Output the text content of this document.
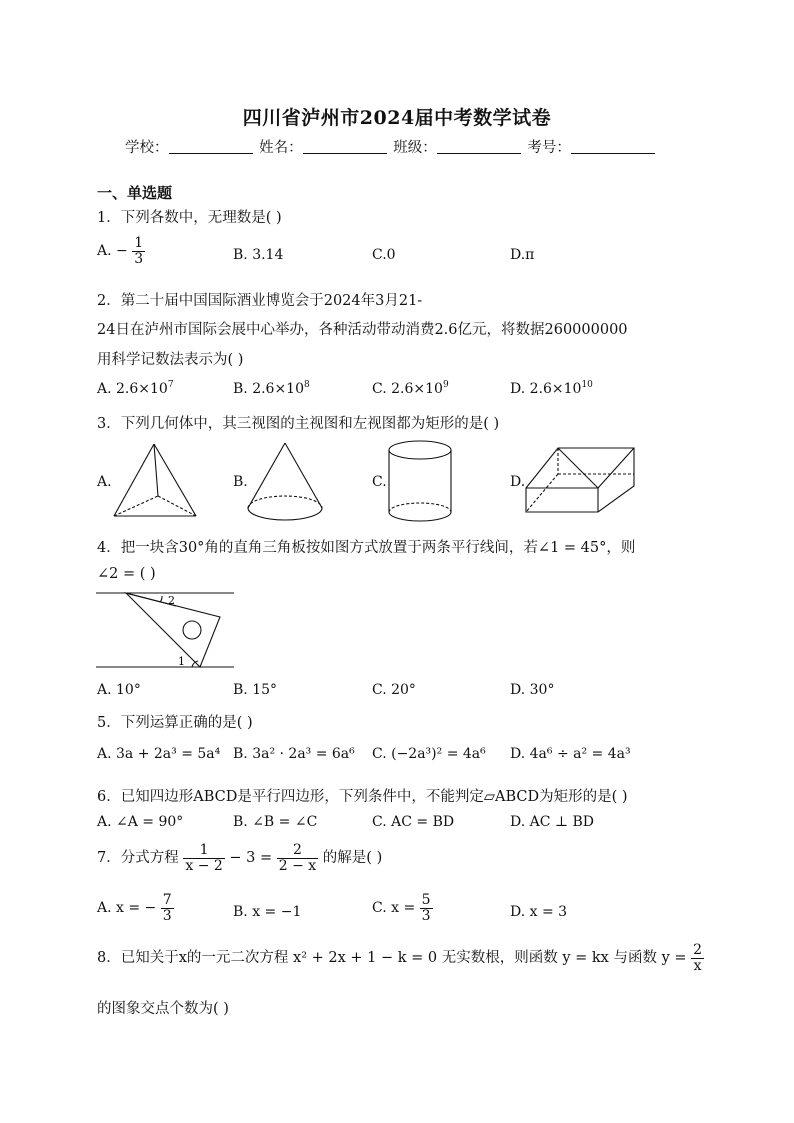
四川省泸州市2024届中考数学试卷
学校：	姓名：	班级：	考号：
一、单选题
1．下列各数中，无理数是( )
A. − $\frac{1}{3}$	B. 3.14	C.0	D.π
2．第二十届中国国际酒业博览会于2024年3月21-
24日在泸州市国际会展中心举办，各种活动带动消费2.6亿元，将数据260000000
用科学记数法表示为( )
A. $2.6\times 10^7$	B. $2.6\times 10^8$	C. $2.6\times 10^9$	D. $2.6\times 10^{10}$
3．下列几何体中，其三视图的主视图和左视图都为矩形的是( )
A.	B.	C.	D.
4．把一块含30°角的直角三角板按如图方式放置于两条平行线间，若∠1 = 45°，则
∠2 = ( )
2
1
A. 10°	B. 15°	C. 20°	D. 30°
5．下列运算正确的是( )
A. 3a + 2a³ = 5a⁴ B. 3a² · 2a³ = 6a⁶ C. (−2a³)² = 4a⁶ D. 4a⁶ ÷ a² = 4a³
6．已知四边形ABCD是平行四边形，下列条件中，不能判定▱ABCD为矩形的是( )
A. ∠A = 90°	B. ∠B = ∠C	C. AC = BD	D. AC ⊥ BD
7．分式方程 $\frac{1}{x - 2} - 3 = \frac{2}{2 - x}$ 的解是( )
A. x = − $\frac{7}{3}$	B. x = −1	C. $x = \frac{5}{3}$	D. x = 3
8．已知关于x的一元二次方程 x² + 2x + 1 − k = 0 无实数根，则函数 y = kx 与函数 $y = \frac{2}{x}$
的图象交点个数为( )
